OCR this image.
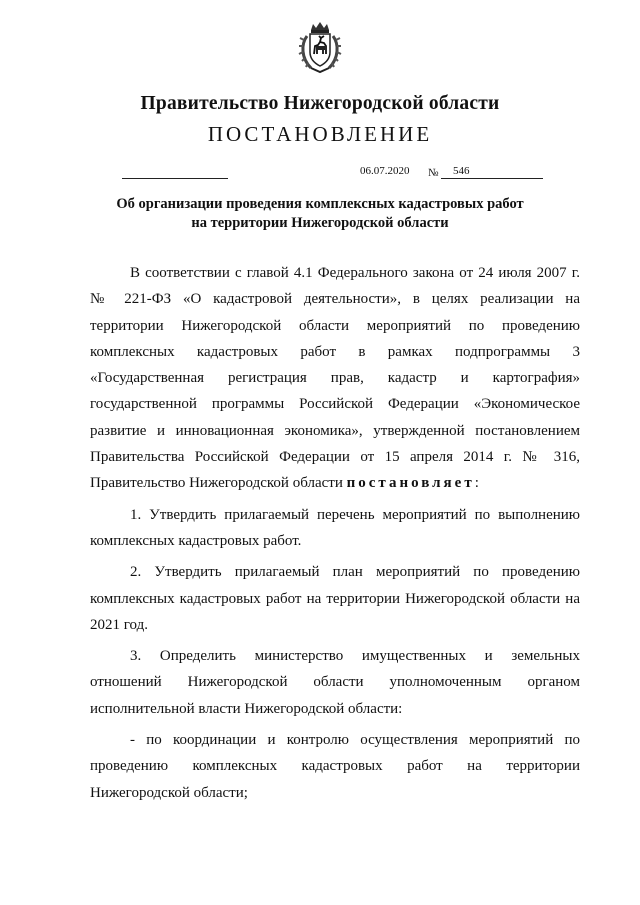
Правительство Нижегородской области
ПОСТАНОВЛЕНИЕ
06.07.2020 №	546
Об организации проведения комплексных кадастровых работ
на территории Нижегородской области

В соответствии с главой 4.1 Федерального закона от 24 июля 2007 г. № 221-ФЗ «О кадастровой деятельности», в целях реализации на территории Нижегородской области мероприятий по проведению комплексных кадастровых работ в рамках подпрограммы 3 «Государственная регистрация прав, кадастр и картография» государственной программы Российской Федерации «Экономическое развитие и инновационная экономика», утвержденной постановлением Правительства Российской Федерации от 15 апреля 2014 г. № 316, Правительство Нижегородской области постановляет:

1. Утвердить прилагаемый перечень мероприятий по выполнению комплексных кадастровых работ.

2. Утвердить прилагаемый план мероприятий по проведению комплексных кадастровых работ на территории Нижегородской области на 2021 год.

3. Определить министерство имущественных и земельных отношений Нижегородской области уполномоченным органом исполнительной власти Нижегородской области:

- по координации и контролю осуществления мероприятий по проведению комплексных кадастровых работ на территории Нижегородской области;
